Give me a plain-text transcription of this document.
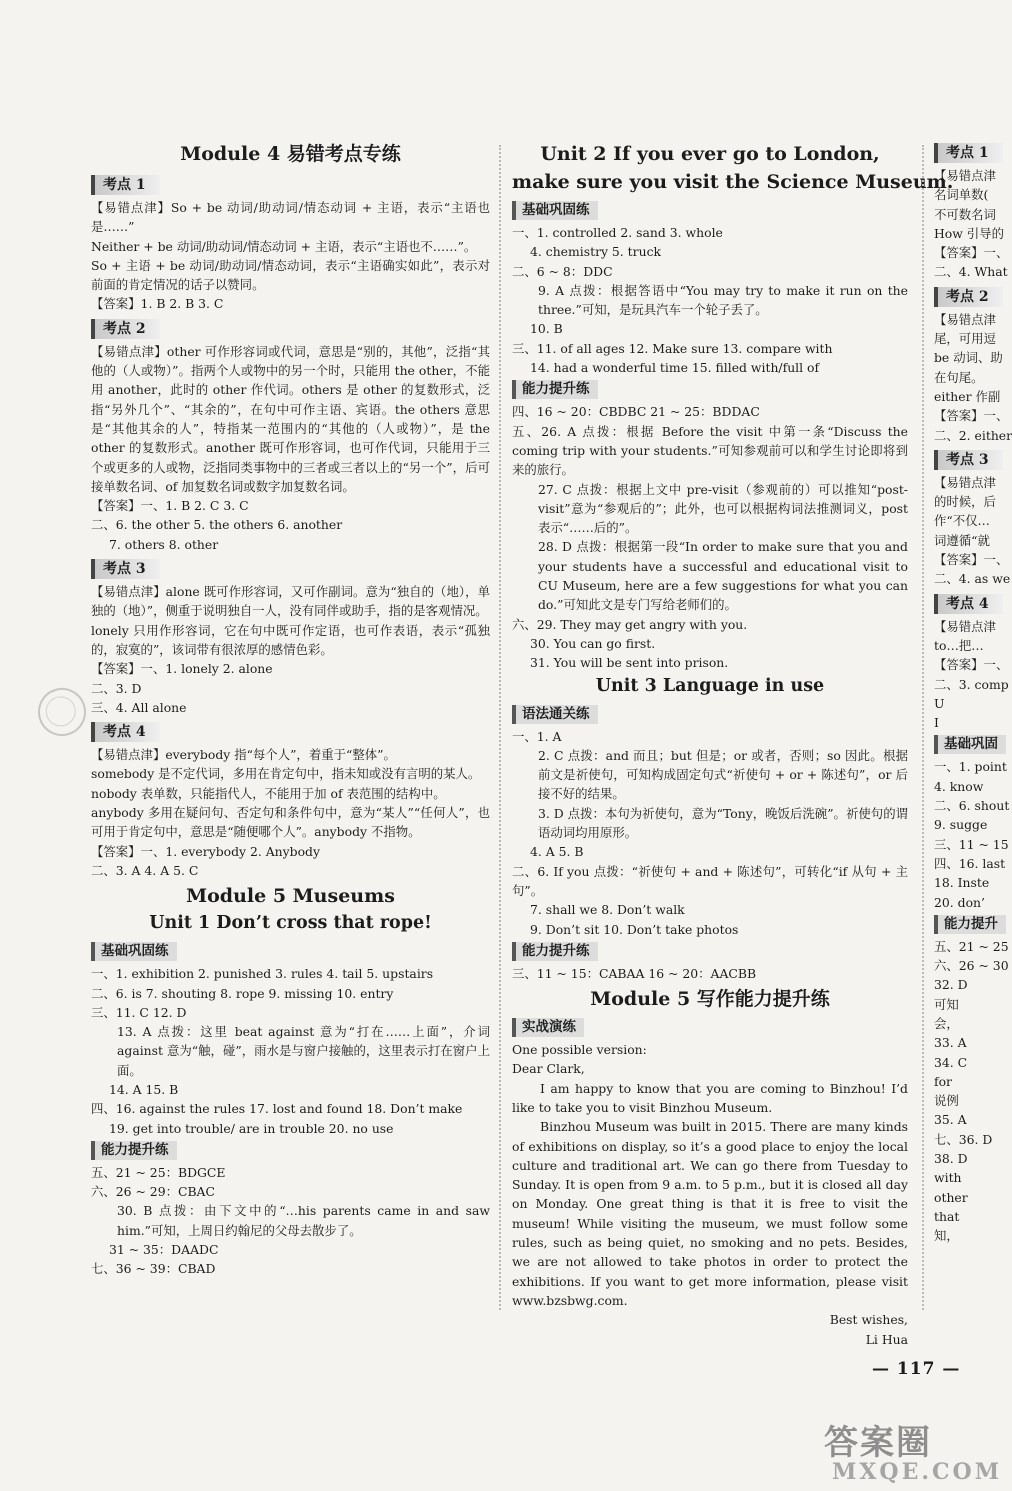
Module 4 易错考点专练
考点 1
【易错点津】So + be 动词/助动词/情态动词 + 主语，表示“主语也是……”
Neither + be 动词/助动词/情态动词 + 主语，表示“主语也不……”。
So + 主语 + be 动词/助动词/情态动词，表示“主语确实如此”，表示对前面的肯定情况的话子以赞同。
【答案】1. B 2. B 3. C
考点 2
【易错点津】other 可作形容词或代词，意思是“别的，其他”，泛指“其他的（人或物）”。指两个人或物中的另一个时，只能用 the other，不能用 another，此时的 other 作代词。others 是 other 的复数形式，泛指“另外几个”、“其余的”，在句中可作主语、宾语。the others 意思是“其他其余的人”，特指某一范围内的“其他的（人或物）”，是 the other 的复数形式。another 既可作形容词，也可作代词，只能用于三个或更多的人或物，泛指同类事物中的三者或三者以上的“另一个”，后可接单数名词、of 加复数名词或数字加复数名词。
【答案】一、1. B 2. C 3. C
二、6. the other 5. the others 6. another
7. others 8. other
考点 3
【易错点津】alone 既可作形容词，又可作副词。意为“独自的（地），单独的（地）”，侧重于说明独自一人，没有同伴或助手，指的是客观情况。
lonely 只用作形容词，它在句中既可作定语，也可作表语，表示“孤独的，寂寞的”，该词带有很浓厚的感情色彩。
【答案】一、1. lonely 2. alone
二、3. D
三、4. All alone
考点 4
【易错点津】everybody 指“每个人”，着重于“整体”。
somebody 是不定代词，多用在肯定句中，指未知或没有言明的某人。
nobody 表单数，只能指代人，不能用于加 of 表范围的结构中。
anybody 多用在疑问句、否定句和条件句中，意为“某人”“任何人”，也可用于肯定句中，意思是“随便哪个人”。anybody 不指物。
【答案】一、1. everybody 2. Anybody
二、3. A 4. A 5. C
Module 5 Museums
Unit 1 Don’t cross that rope!
基础巩固练
一、1. exhibition 2. punished 3. rules 4. tail 5. upstairs
二、6. is 7. shouting 8. rope 9. missing 10. entry
三、11. C 12. D
13. A 点拨：这里 beat against 意为“打在……上面”，介词 against 意为“触，碰”，雨水是与窗户接触的，这里表示打在窗户上面。
14. A 15. B
四、16. against the rules 17. lost and found 18. Don’t make
19. get into trouble/ are in trouble 20. no use
能力提升练
五、21 ~ 25：BDGCE
六、26 ~ 29：CBAC
30. B 点拨：由下文中的“…his parents came in and saw him.”可知，上周日约翰尼的父母去散步了。
31 ~ 35：DAADC
七、36 ~ 39：CBAD
Unit 2 If you ever go to London,
make sure you visit the Science Museum.
基础巩固练
一、1. controlled 2. sand 3. whole
4. chemistry 5. truck
二、6 ~ 8：DDC
9. A 点拨：根据答语中“You may try to make it run on the three.”可知，是玩具汽车一个轮子丢了。
10. B
三、11. of all ages 12. Make sure 13. compare with
14. had a wonderful time 15. filled with/full of
能力提升练
四、16 ~ 20：CBDBC 21 ~ 25：BDDAC
五、26. A 点拨：根据 Before the visit 中第一条“Discuss the coming trip with your students.”可知参观前可以和学生讨论即将到来的旅行。
27. C 点拨：根据上文中 pre-visit（参观前的）可以推知“post-visit”意为“参观后的”；此外，也可以根据构词法推测词义，post 表示“……后的”。
28. D 点拨：根据第一段“In order to make sure that you and your students have a successful and educational visit to CU Museum, here are a few suggestions for what you can do.”可知此文是专门写给老师们的。
六、29. They may get angry with you.
30. You can go first.
31. You will be sent into prison.
Unit 3 Language in use
语法通关练
一、1. A
2. C 点拨：and 而且；but 但是；or 或者，否则；so 因此。根据前文是祈使句，可知构成固定句式“祈使句 + or + 陈述句”，or 后接不好的结果。
3. D 点拨：本句为祈使句，意为“Tony，晚饭后洗碗”。祈使句的谓语动词均用原形。
4. A 5. B
二、6. If you 点拨：“祈使句 + and + 陈述句”，可转化“if 从句 + 主句”。
7. shall we 8. Don’t walk
9. Don’t sit 10. Don’t take photos
能力提升练
三、11 ~ 15：CABAA 16 ~ 20：AACBB
Module 5 写作能力提升练
实战演练
One possible version:
Dear Clark,
I am happy to know that you are coming to Binzhou! I’d like to take you to visit Binzhou Museum.
Binzhou Museum was built in 2015. There are many kinds of exhibitions on display, so it’s a good place to enjoy the local culture and traditional art. We can go there from Tuesday to Sunday. It is open from 9 a.m. to 5 p.m., but it is closed all day on Monday. One great thing is that it is free to visit the museum! While visiting the museum, we must follow some rules, such as being quiet, no smoking and no pets. Besides, we are not allowed to take photos in order to protect the exhibitions. If you want to get more information, please visit www.bzsbwg.com.
Best wishes,
Li Hua
考点 1
【易错点津
名词单数(
不可数名词
How 引导的
【答案】一、
二、4. What
考点 2
【易错点津
尾，可用逗
be 动词、助
在句尾。
either 作副
【答案】一、
二、2. either
考点 3
【易错点津
的时候，后
作“不仅…
词遵循“就
【答案】一、
二、4. as we
考点 4
【易错点津
to…把…
【答案】一、
二、3. comp
U
I
基础巩固
一、1. point
4. know
二、6. shout
9. sugge
三、11 ~ 15
四、16. last
18. Inste
20. don’
能力提升
五、21 ~ 25
六、26 ~ 30
32. D
可知
会，
33. A
34. C
for
说例
35. A
七、36. D
38. D
with
other
that
知，
— 117 —
答案圈
MXQE.COM
